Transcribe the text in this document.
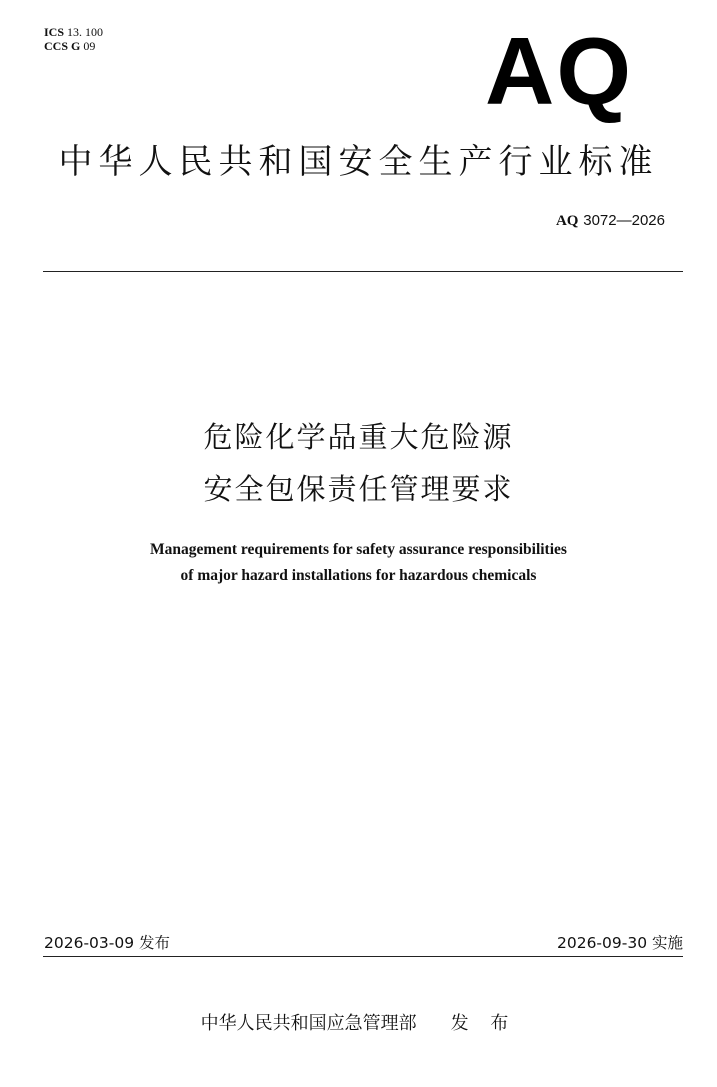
ICS 13. 100
CCS G 09	AQ
中华人民共和国安全生产行业标准
AQ 3072—2026
危险化学品重大危险源
安全包保责任管理要求
Management requirements for safety assurance responsibilities
of major hazard installations for hazardous chemicals
2026-03-09 发布	2026-09-30 实施
中华人民共和国应急管理部 发 布
